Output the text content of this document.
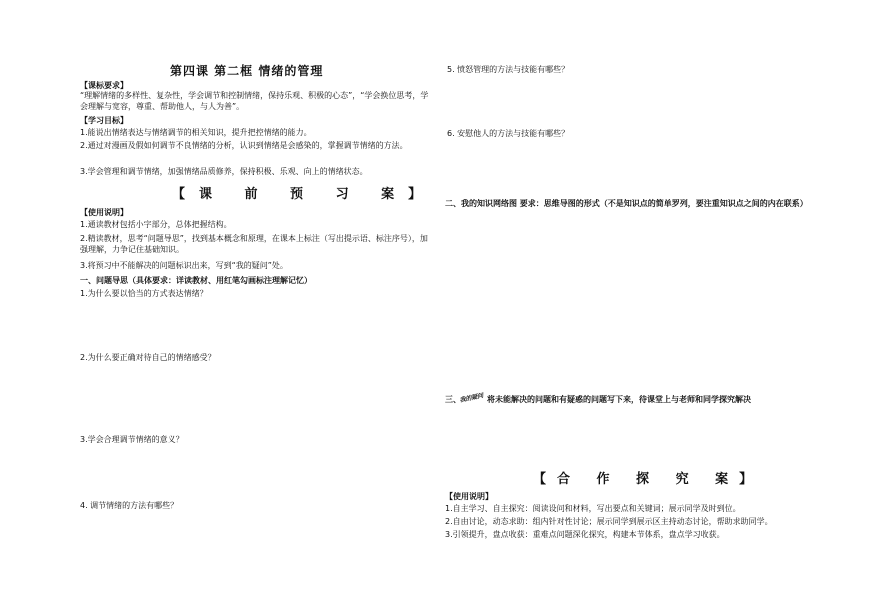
第四课 第二框 情绪的管理
【课标要求】
“理解情绪的多样性、复杂性，学会调节和控制情绪，保持乐观、积极的心态”，“学会换位思考，学会理解与宽容，尊重、帮助他人，与人为善”。
【学习目标】
1.能说出情绪表达与情绪调节的相关知识，提升把控情绪的能力。
2.通过对漫画及假如何调节不良情绪的分析，认识到情绪是会感染的，掌握调节情绪的方法。
3.学会管理和调节情绪，加强情绪品质修养，保持积极、乐观、向上的情绪状态。
【课 前 预 习 案】
【使用说明】
1.通读教材包括小字部分，总体把握结构。
2.精读教材，思考“问题导思”，找到基本概念和原理，在课本上标注（写出提示语、标注序号），加强理解，力争记住基础知识。
3.将预习中不能解决的问题标识出来，写到“我的疑问”处。
一、问题导思（具体要求：详读教材、用红笔勾画标注理解记忆）
1.为什么要以恰当的方式表达情绪？
2.为什么要正确对待自己的情绪感受？
3.学会合理调节情绪的意义？
4. 调节情绪的方法有哪些？
5. 愤怒管理的方法与技能有哪些？
6. 安慰他人的方法与技能有哪些？
二、我的知识网络图 要求：思维导图的形式（不是知识点的简单罗列，要注重知识点之间的内在联系）
三、我的疑问 将未能解决的问题和有疑惑的问题写下来，待课堂上与老师和同学探究解决
【合 作 探 究 案】
【使用说明】
1.自主学习、自主探究：阅读设问和材料，写出要点和关键词；展示同学及时到位。
2.自由讨论，动态求助：组内针对性讨论；展示同学到展示区主持动态讨论，帮助求助同学。
3.引领提升，盘点收获：重难点问题深化探究，构建本节体系，盘点学习收获。
